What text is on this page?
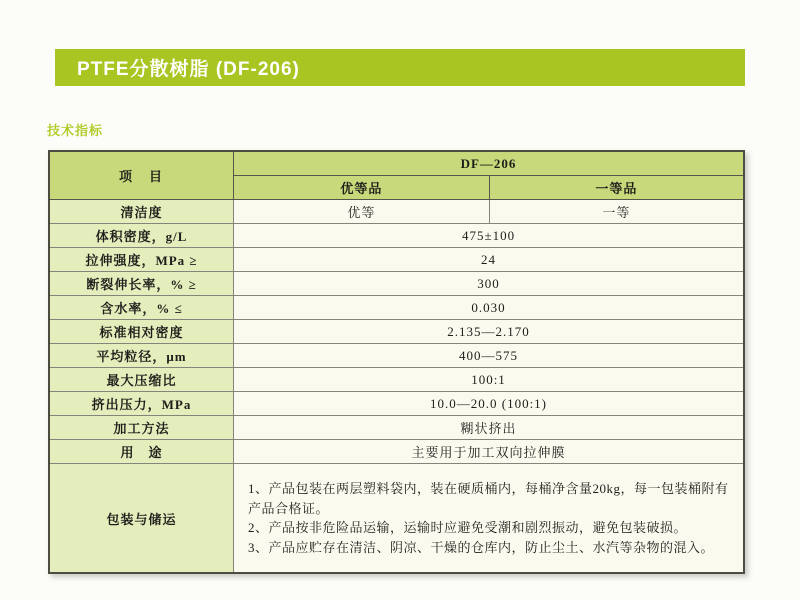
PTFE分散树脂 (DF-206)
技术指标
项　目	DF—206	
	优等品	一等品
清洁度	优等	一等
体积密度，g/L	475±100	
拉伸强度，MPa ≥	24	
断裂伸长率，% ≥	300	
含水率，% ≤	0.030	
标准相对密度	2.135—2.170	
平均粒径，μm	400—575	
最大压缩比	100:1	
挤出压力，MPa	10.0—20.0 (100:1)	
加工方法	糊状挤出	
用　途	主要用于加工双向拉伸膜	
包装与储运	1、产品包装在两层塑料袋内，装在硬质桶内，每桶净含量20kg，每一包装桶附有产品合格证。
2、产品按非危险品运输，运输时应避免受潮和剧烈振动，避免包装破损。
3、产品应贮存在清洁、阴凉、干燥的仓库内，防止尘土、水汽等杂物的混入。	
